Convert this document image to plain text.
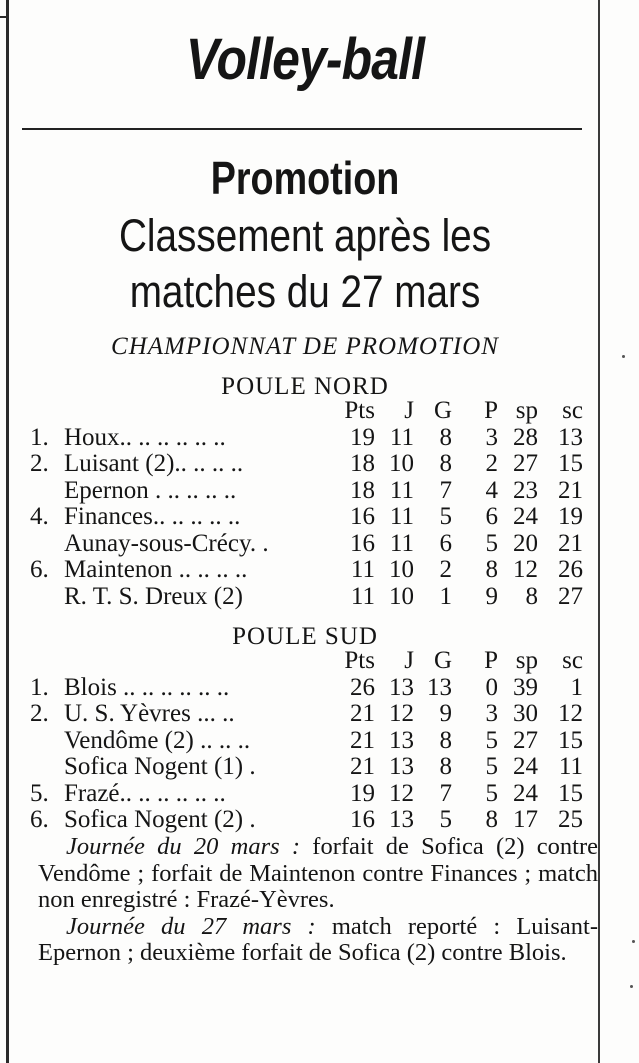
Volley-ball
Promotion
Classement après les
matches du 27 mars
CHAMPIONNAT DE PROMOTION
POULE NORD
Pts	J G	P sp sc
1. Houx.. .. .. .. .. ..	19 11	8	3 28 13
2. Luisant (2).. .. .. ..	18 10	8	2 27 15
Epernon . .. .. .. ..	18 11	7	4 23 21
4. Finances.. .. .. .. ..	16 11	5	6 24 19
Aunay-sous-Crécy. .	16 11	6	5 20 21
6. Maintenon .. .. .. ..	11 10	2	8 12 26
R. T. S. Dreux (2)	11 10	1	9	8 27
POULE SUD
Pts	J G	P sp sc
1. Blois .. .. .. .. .. ..	26 13 13	0 39	1
2. U. S. Yèvres ... ..	21 12	9	3 30 12
Vendôme (2) .. .. ..	21 13	8	5 27 15
Sofica Nogent (1) .	21 13	8	5 24 11
5. Frazé.. .. .. .. .. ..	19 12	7	5 24 15
6. Sofica Nogent (2) .	16 13	5	8 17 25

Journée du 20 mars : forfait de Sofica (2) contre Vendôme ; forfait de Maintenon contre Finances ; match non enregistré : Frazé-Yèvres.

Journée du 27 mars : match reporté : Luisant-Epernon ; deuxième forfait de Sofica (2) contre Blois.
